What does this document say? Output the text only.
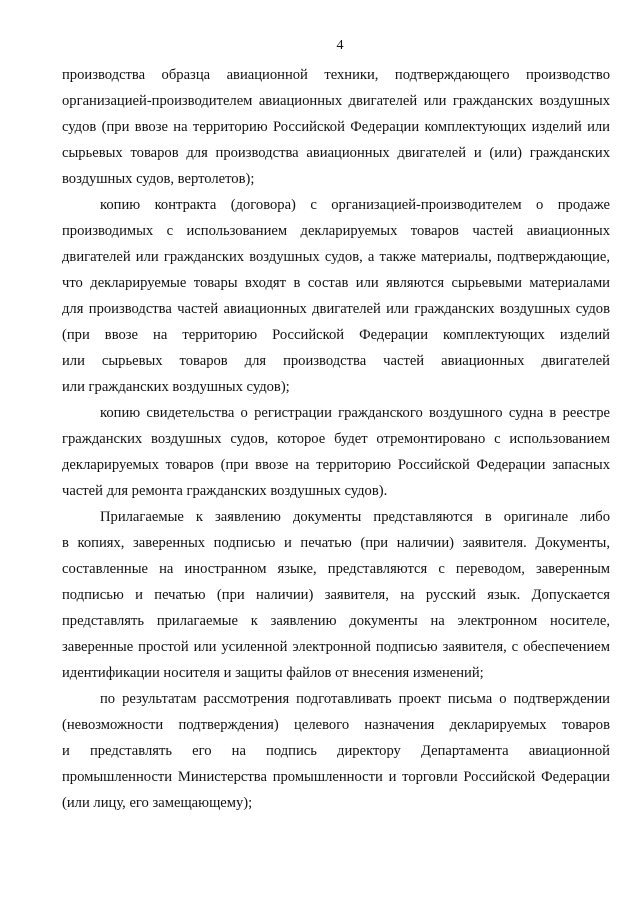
4
производства образца авиационной техники, подтверждающего производство
организацией-производителем авиационных двигателей или гражданских воздушных
судов (при ввозе на территорию Российской Федерации комплектующих изделий или
сырьевых товаров для производства авиационных двигателей и (или) гражданских
воздушных судов, вертолетов);
копию контракта (договора) с организацией-производителем о продаже
производимых с использованием декларируемых товаров частей авиационных
двигателей или гражданских воздушных судов, а также материалы, подтверждающие,
что декларируемые товары входят в состав или являются сырьевыми материалами
для производства частей авиационных двигателей или гражданских воздушных судов
(при ввозе на территорию Российской Федерации комплектующих изделий
или сырьевых товаров для производства частей авиационных двигателей
или гражданских воздушных судов);
копию свидетельства о регистрации гражданского воздушного судна в реестре
гражданских воздушных судов, которое будет отремонтировано с использованием
декларируемых товаров (при ввозе на территорию Российской Федерации запасных
частей для ремонта гражданских воздушных судов).
Прилагаемые к заявлению документы представляются в оригинале либо
в копиях, заверенных подписью и печатью (при наличии) заявителя. Документы,
составленные на иностранном языке, представляются с переводом, заверенным
подписью и печатью (при наличии) заявителя, на русский язык. Допускается
представлять прилагаемые к заявлению документы на электронном носителе,
заверенные простой или усиленной электронной подписью заявителя, с обеспечением
идентификации носителя и защиты файлов от внесения изменений;
по результатам рассмотрения подготавливать проект письма о подтверждении
(невозможности подтверждения) целевого назначения декларируемых товаров
и представлять его на подпись директору Департамента авиационной
промышленности Министерства промышленности и торговли Российской Федерации
(или лицу, его замещающему);
